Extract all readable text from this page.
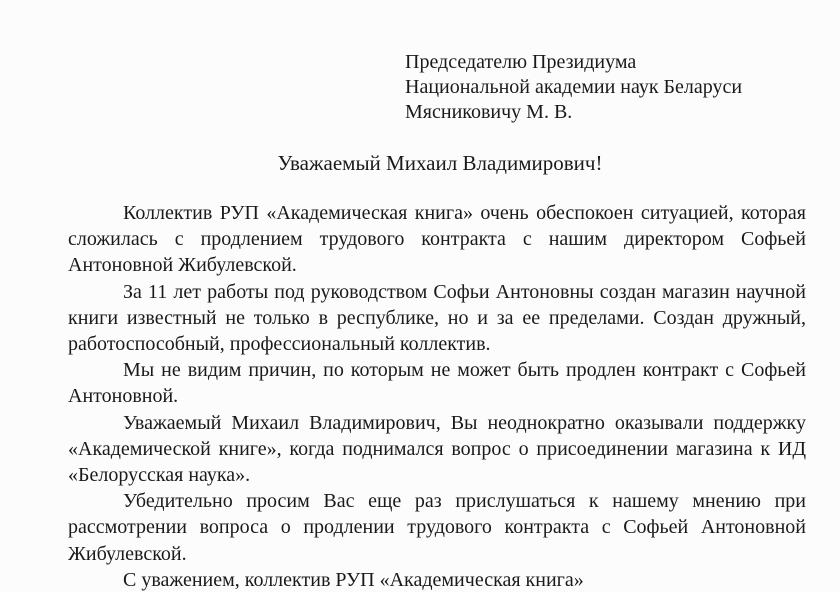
Председателю Президиума
Национальной академии наук Беларуси
Мясниковичу М. В.
Уважаемый Михаил Владимирович!

Коллектив РУП «Академическая книга» очень обеспокоен ситуацией, которая сложилась с продлением трудового контракта с нашим директором Софьей Антоновной Жибулевской.

За 11 лет работы под руководством Софьи Антоновны создан магазин научной книги известный не только в республике, но и за ее пределами. Создан дружный, работоспособный, профессиональный коллектив.

Мы не видим причин, по которым не может быть продлен контракт с Софьей Антоновной.

Уважаемый Михаил Владимирович, Вы неоднократно оказывали поддержку «Академической книге», когда поднимался вопрос о присоединении магазина к ИД «Белорусская наука».

Убедительно просим Вас еще раз прислушаться к нашему мнению при рассмотрении вопроса о продлении трудового контракта с Софьей Антоновной Жибулевской.

С уважением, коллектив РУП «Академическая книга»
